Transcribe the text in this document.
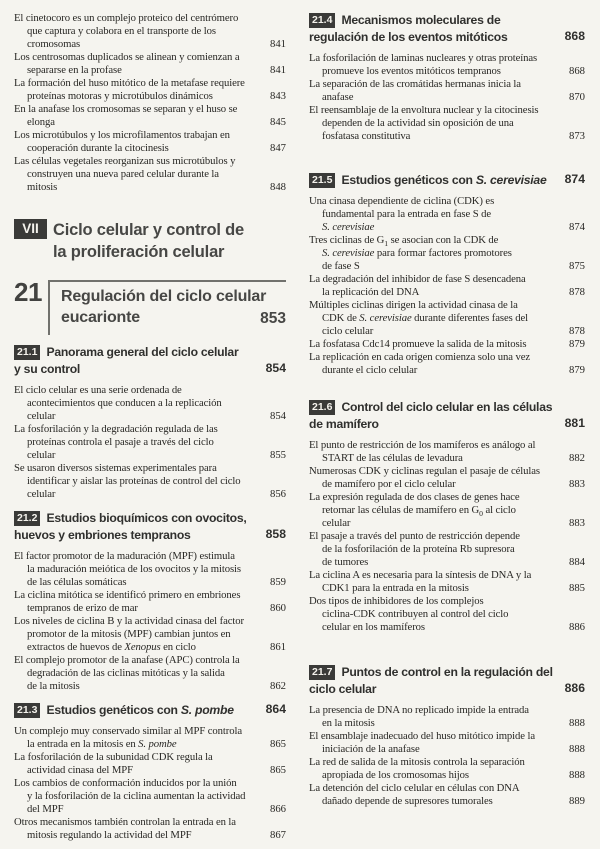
El cinetocoro es un complejo proteico del centrómero
que captura y colabora en el transporte de los
cromosomas	841
Los centrosomas duplicados se alinean y comienzan a
separarse en la profase	841
La formación del huso mitótico de la metafase requiere
proteínas motoras y microtúbulos dinámicos	843
En la anafase los cromosomas se separan y el huso se
elonga	845
Los microtúbulos y los microfilamentos trabajan en
cooperación durante la citocinesis	847
Las células vegetales reorganizan sus microtúbulos y
construyen una nueva pared celular durante la
mitosis	848
VII Ciclo celular y control de
la proliferación celular
21	Regulación del ciclo celular
eucarionte	853
21.1 Panorama general del ciclo celular
y su control	854
El ciclo celular es una serie ordenada de
acontecimientos que conducen a la replicación
celular	854
La fosforilación y la degradación regulada de las
proteínas controla el pasaje a través del ciclo
celular	855
Se usaron diversos sistemas experimentales para
identificar y aislar las proteínas de control del ciclo
celular	856
21.2 Estudios bioquímicos con ovocitos,
huevos y embriones tempranos	858
El factor promotor de la maduración (MPF) estimula
la maduración meiótica de los ovocitos y la mitosis
de las células somáticas	859
La ciclina mitótica se identificó primero en embriones
tempranos de erizo de mar	860
Los niveles de ciclina B y la actividad cinasa del factor
promotor de la mitosis (MPF) cambian juntos en
extractos de huevos de Xenopus en ciclo	861
El complejo promotor de la anafase (APC) controla la
degradación de las ciclinas mitóticas y la salida
de la mitosis	862
21.3 Estudios genéticos con S. pombe	864
Un complejo muy conservado similar al MPF controla
la entrada en la mitosis en S. pombe	865
La fosforilación de la subunidad CDK regula la
actividad cinasa del MPF	865
Los cambios de conformación inducidos por la unión
y la fosforilación de la ciclina aumentan la actividad
del MPF	866
Otros mecanismos también controlan la entrada en la
mitosis regulando la actividad del MPF	867
21.4 Mecanismos moleculares de
regulación de los eventos mitóticos	868
La fosforilación de laminas nucleares y otras proteínas
promueve los eventos mitóticos tempranos	868
La separación de las cromátidas hermanas inicia la
anafase	870
El reensamblaje de la envoltura nuclear y la citocinesis
dependen de la actividad sin oposición de una
fosfatasa constitutiva	873
21.5 Estudios genéticos con S. cerevisiae 874
Una cinasa dependiente de ciclina (CDK) es
fundamental para la entrada en fase S de
S. cerevisiae	874
Tres ciclinas de $G_1$ se asocian con la CDK de
S. cerevisiae para formar factores promotores
de fase S	875
La degradación del inhibidor de fase S desencadena
la replicación del DNA	878
Múltiples ciclinas dirigen la actividad cinasa de la
CDK de S. cerevisiae durante diferentes fases del
ciclo celular	878
La fosfatasa Cdc14 promueve la salida de la mitosis	879
La replicación en cada origen comienza solo una vez
durante el ciclo celular	879
21.6 Control del ciclo celular en las células
de mamífero	881
El punto de restricción de los mamíferos es análogo al
START de las células de levadura	882
Numerosas CDK y ciclinas regulan el pasaje de células
de mamífero por el ciclo celular	883
La expresión regulada de dos clases de genes hace
retornar las células de mamífero en $G_0$ al ciclo
celular	883
El pasaje a través del punto de restricción depende
de la fosforilación de la proteína Rb supresora
de tumores	884
La ciclina A es necesaria para la síntesis de DNA y la
CDK1 para la entrada en la mitosis	885
Dos tipos de inhibidores de los complejos
ciclina-CDK contribuyen al control del ciclo
celular en los mamíferos	886
21.7 Puntos de control en la regulación del
ciclo celular	886
La presencia de DNA no replicado impide la entrada
en la mitosis	888
El ensamblaje inadecuado del huso mitótico impide la
iniciación de la anafase	888
La red de salida de la mitosis controla la separación
apropiada de los cromosomas hijos	888
La detención del ciclo celular en células con DNA
dañado depende de supresores tumorales	889
